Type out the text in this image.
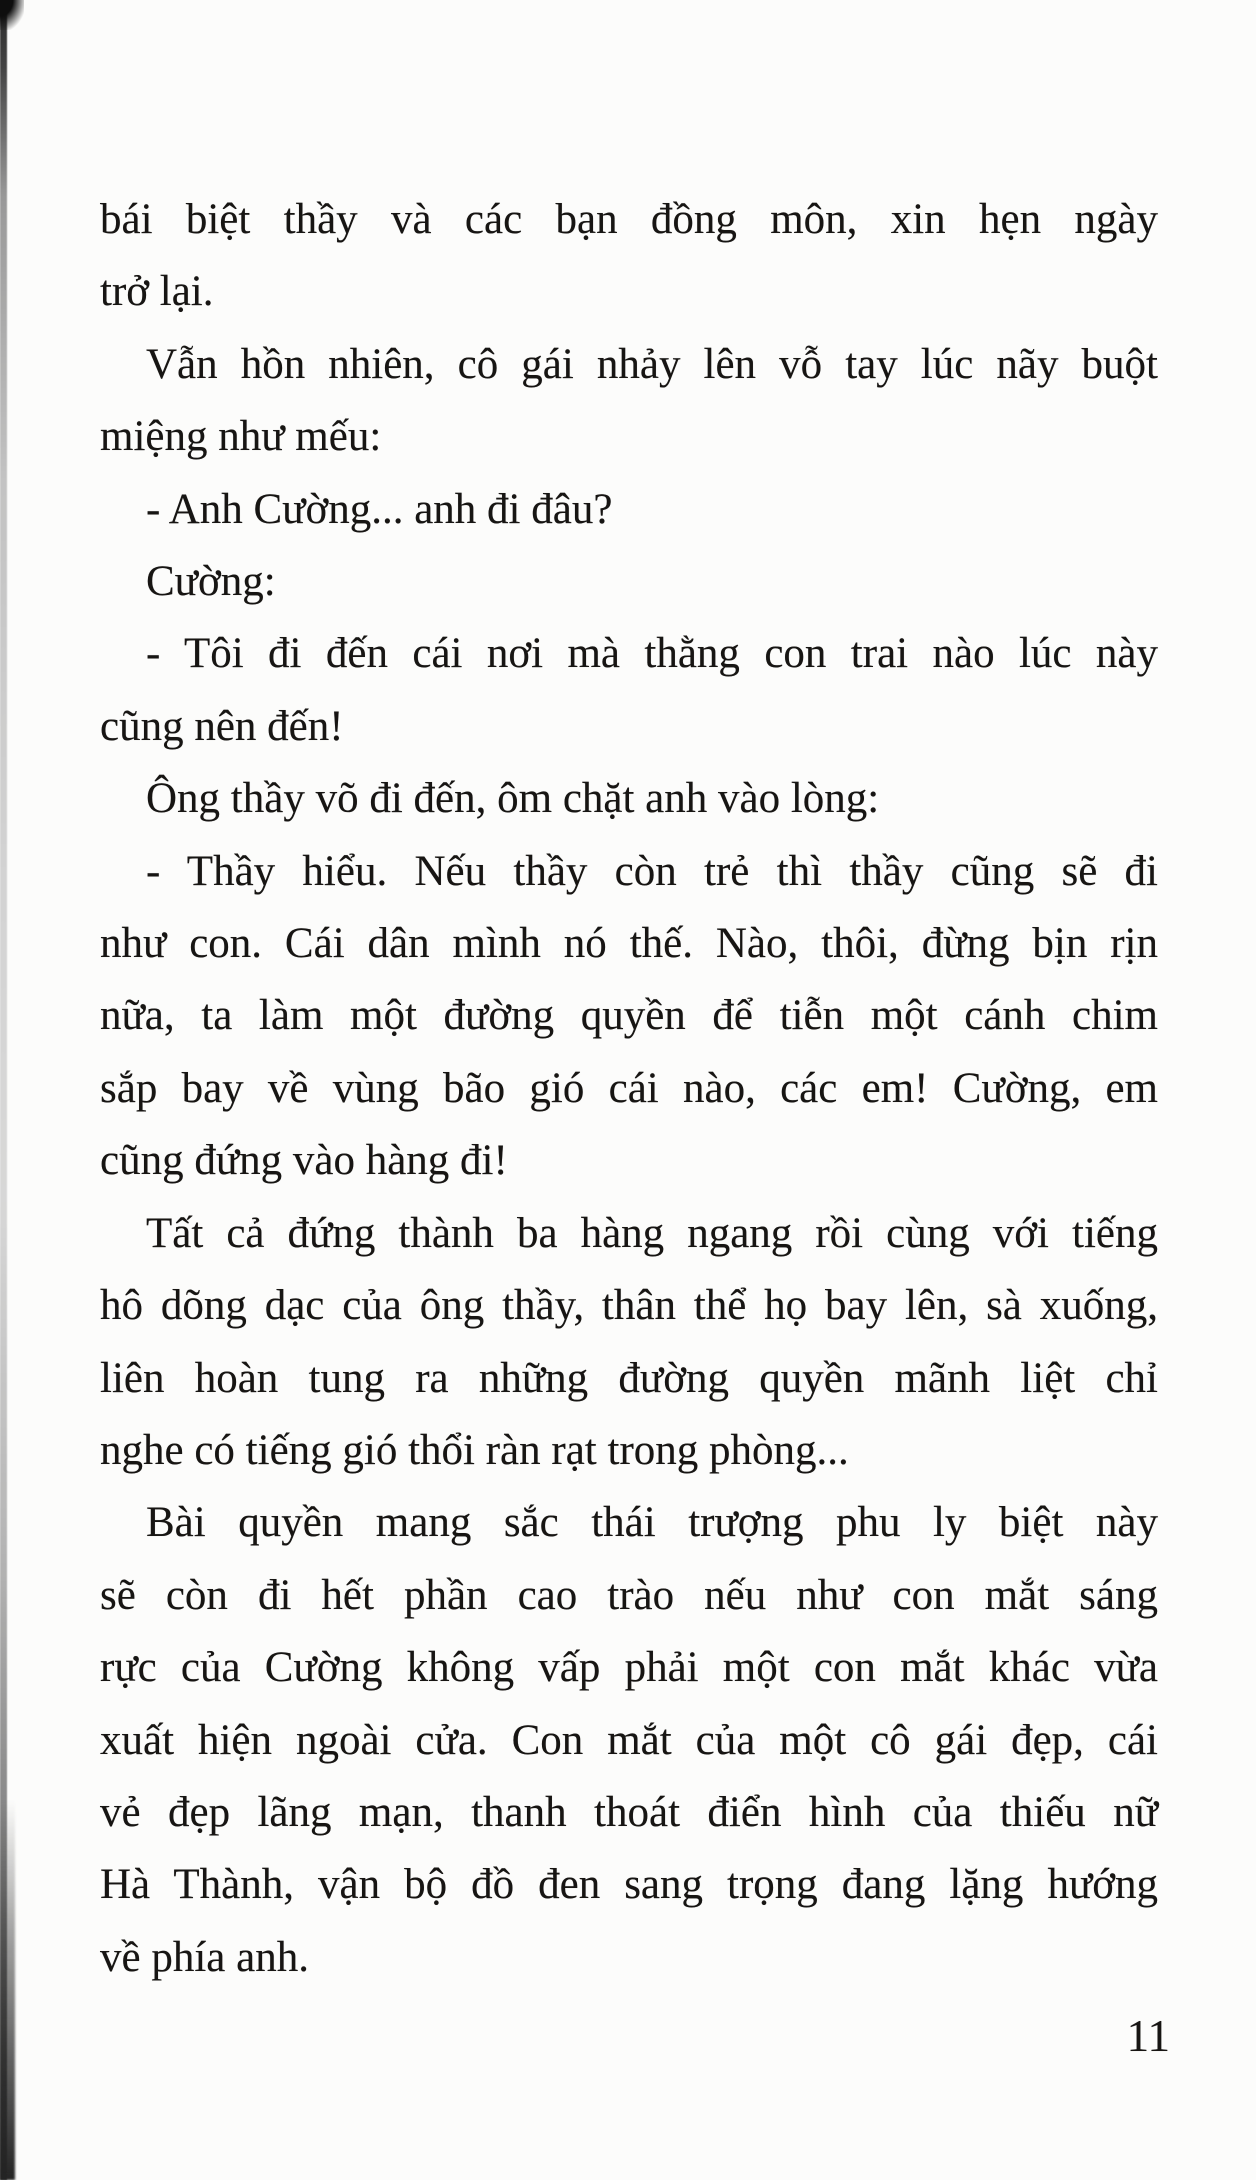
bái biệt thầy và các bạn đồng môn, xin hẹn ngày
trở lại.
Vẫn hồn nhiên, cô gái nhảy lên vỗ tay lúc nãy buột
miệng như mếu:
- Anh Cường... anh đi đâu?
Cường:
- Tôi đi đến cái nơi mà thằng con trai nào lúc này
cũng nên đến!
Ông thầy võ đi đến, ôm chặt anh vào lòng:
- Thầy hiểu. Nếu thầy còn trẻ thì thầy cũng sẽ đi
như con. Cái dân mình nó thế. Nào, thôi, đừng bịn rịn
nữa, ta làm một đường quyền để tiễn một cánh chim
sắp bay về vùng bão gió cái nào, các em! Cường, em
cũng đứng vào hàng đi!
Tất cả đứng thành ba hàng ngang rồi cùng với tiếng
hô dõng dạc của ông thầy, thân thể họ bay lên, sà xuống,
liên hoàn tung ra những đường quyền mãnh liệt chỉ
nghe có tiếng gió thổi ràn rạt trong phòng...
Bài quyền mang sắc thái trượng phu ly biệt này
sẽ còn đi hết phần cao trào nếu như con mắt sáng
rực của Cường không vấp phải một con mắt khác vừa
xuất hiện ngoài cửa. Con mắt của một cô gái đẹp, cái
vẻ đẹp lãng mạn, thanh thoát điển hình của thiếu nữ
Hà Thành, vận bộ đồ đen sang trọng đang lặng hướng
về phía anh.
11
